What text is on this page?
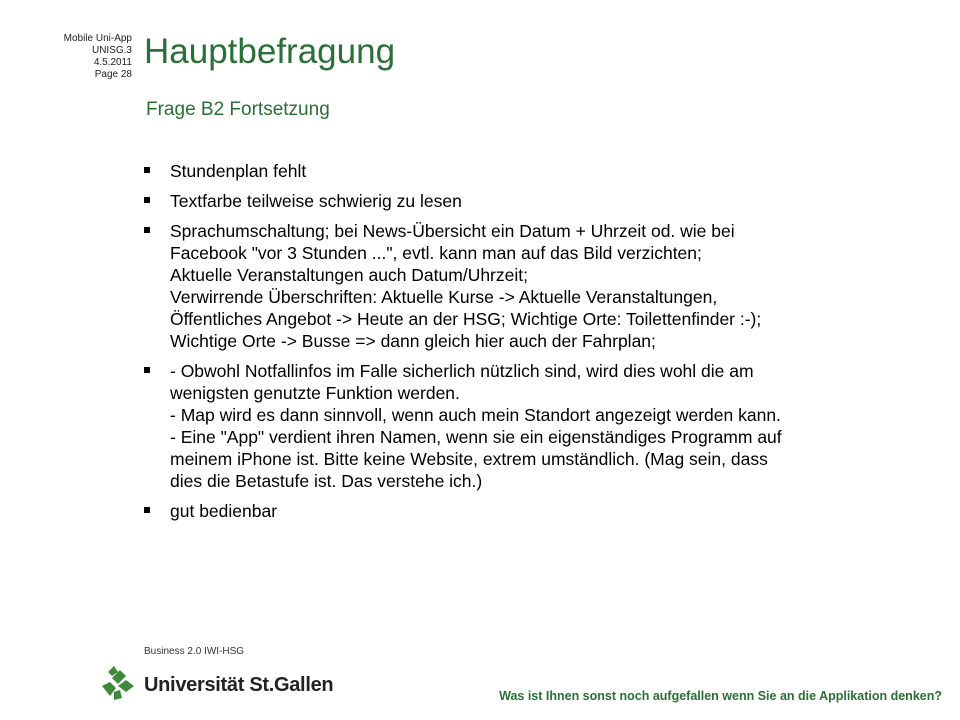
Mobile Uni-App
UNISG.3
4.5.2011
Page 28
Hauptbefragung
Frage B2 Fortsetzung
Stundenplan fehlt
Textfarbe teilweise schwierig zu lesen
Sprachumschaltung; bei News-Übersicht ein Datum + Uhrzeit od. wie bei
Facebook "vor 3 Stunden ...", evtl. kann man auf das Bild verzichten;
Aktuelle Veranstaltungen auch Datum/Uhrzeit;
Verwirrende Überschriften: Aktuelle Kurse -> Aktuelle Veranstaltungen,
Öffentliches Angebot -> Heute an der HSG; Wichtige Orte: Toilettenfinder :-);
Wichtige Orte -> Busse => dann gleich hier auch der Fahrplan;
- Obwohl Notfallinfos im Falle sicherlich nützlich sind, wird dies wohl die am
wenigsten genutzte Funktion werden.
- Map wird es dann sinnvoll, wenn auch mein Standort angezeigt werden kann.
- Eine "App" verdient ihren Namen, wenn sie ein eigenständiges Programm auf
meinem iPhone ist. Bitte keine Website, extrem umständlich. (Mag sein, dass
dies die Betastufe ist. Das verstehe ich.)
gut bedienbar
Business 2.0 IWI-HSG
Universität St.Gallen	Was ist Ihnen sonst noch aufgefallen wenn Sie an die Applikation denken?
